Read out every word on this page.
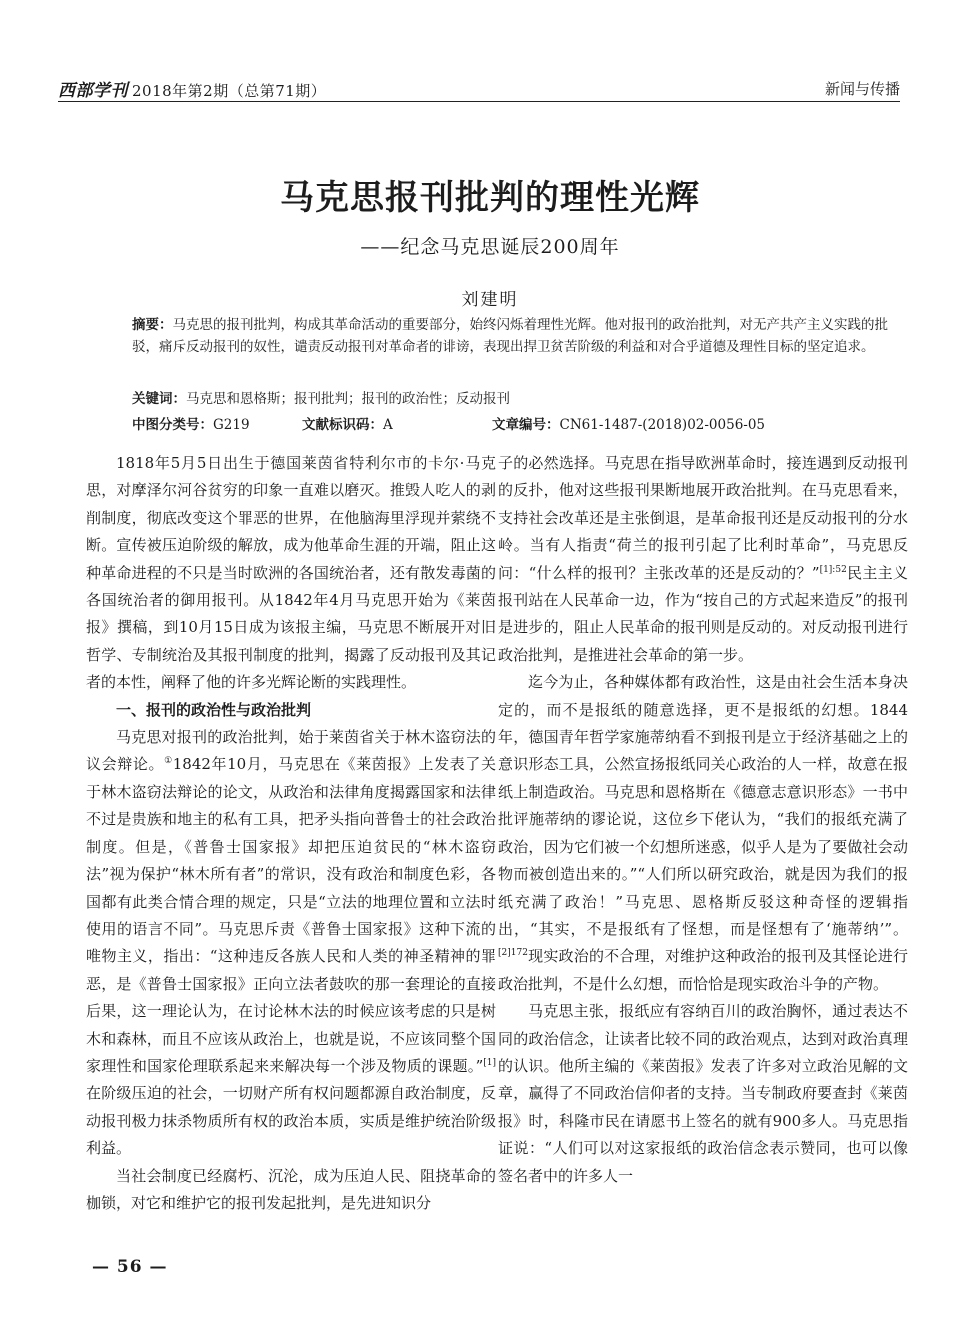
西部学刊 2018年第2期（总第71期）	新闻与传播
马克思报刊批判的理性光辉
——纪念马克思诞辰200周年
刘建明
摘要：马克思的报刊批判，构成其革命活动的重要部分，始终闪烁着理性光辉。他对报刊的政治批判，对无产共产主义实践的批驳，痛斥反动报刊的奴性，谴责反动报刊对革命者的诽谤，表现出捍卫贫苦阶级的利益和对合乎道德及理性目标的坚定追求。
关键词：马克思和恩格斯；报刊批判；报刊的政治性；反动报刊
中图分类号：G219	文献标识码：A	文章编号：CN61-1487-(2018)02-0056-05

1818年5月5日出生于德国莱茵省特利尔市的卡尔·马克思，对摩泽尔河谷贫穷的印象一直难以磨灭。推毁人吃人的剥削制度，彻底改变这个罪恶的世界，在他脑海里浮现并萦绕不断。宣传被压迫阶级的解放，成为他革命生涯的开端，阻止这种革命进程的不只是当时欧洲的各国统治者，还有散发毒菌的各国统治者的御用报刊。从1842年4月马克思开始为《莱茵报》撰稿，到10月15日成为该报主编，马克思不断展开对旧哲学、专制统治及其报刊制度的批判，揭露了反动报刊及其记者的本性，阐释了他的许多光辉论断的实践理性。

一、报刊的政治性与政治批判

马克思对报刊的政治批判，始于莱茵省关于林木盗窃法的议会辩论。①1842年10月，马克思在《莱茵报》上发表了关于林木盗窃法辩论的论文，从政治和法律角度揭露国家和法律不过是贵族和地主的私有工具，把矛头指向普鲁士的社会政治制度。但是，《普鲁士国家报》却把压迫贫民的“林木盗窃法”视为保护“林木所有者”的常识，没有政治和制度色彩，各国都有此类合情合理的规定，只是“立法的地理位置和立法时使用的语言不同”。马克思斥责《普鲁士国家报》这种下流的唯物主义，指出：“这种违反各族人民和人类的神圣精神的罪恶，是《普鲁士国家报》正向立法者鼓吹的那一套理论的直接后果，这一理论认为，在讨论林木法的时候应该考虑的只是树木和森林，而且不应该从政治上，也就是说，不应该同整个国家理性和国家伦理联系起来来解决每一个涉及物质的课题。”[1]在阶级压迫的社会，一切财产所有权问题都源自政治制度，反动报刊极力抹杀物质所有权的政治本质，实质是维护统治阶级利益。

当社会制度已经腐朽、沉沦，成为压迫人民、阻挠革命的枷锁，对它和维护它的报刊发起批判，是先进知识分

子的必然选择。马克思在指导欧洲革命时，接连遇到反动报刊的反扑，他对这些报刊果断地展开政治批判。在马克思看来，支持社会改革还是主张倒退，是革命报刊还是反动报刊的分水岭。当有人指责“荷兰的报刊引起了比利时革命”，马克思反问：“什么样的报刊？主张改革的还是反动的？”$^{[1]:52}$民主主义报刊站在人民革命一边，作为“按自己的方式起来造反”的报刊是进步的，阻止人民革命的报刊则是反动的。对反动报刊进行政治批判，是推进社会革命的第一步。

迄今为止，各种媒体都有政治性，这是由社会生活本身决定的，而不是报纸的随意选择，更不是报纸的幻想。1844年，德国青年哲学家施蒂纳看不到报刊是立于经济基础之上的意识形态工具，公然宣扬报纸同关心政治的人一样，故意在报纸上制造政治。马克思和恩格斯在《德意志意识形态》一书中批评施蒂纳的谬论说，这位乡下佬认为，“我们的报纸充满了政治，因为它们被一个幻想所迷惑，似乎人是为了要做社会动物而被创造出来的。”“人们所以研究政治，就是因为我们的报纸充满了政治！”马克思、恩格斯反驳这种奇怪的逻辑指出，“其实，不是报纸有了怪想，而是怪想有了‘施蒂纳’”。$^{[2]172}$现实政治的不合理，对维护这种政治的报刊及其怪论进行政治批判，不是什么幻想，而恰恰是现实政治斗争的产物。

马克思主张，报纸应有容纳百川的政治胸怀，通过表达不同的政治信念，让读者比较不同的政治观点，达到对政治真理的认识。他所主编的《莱茵报》发表了许多对立政治见解的文章，赢得了不同政治信仰者的支持。当专制政府要查封《莱茵报》时，科隆市民在请愿书上签名的就有900多人。马克思指证说：“人们可以对这家报纸的政治信念表示赞同，也可以像签名者中的许多人一

— 56 —
